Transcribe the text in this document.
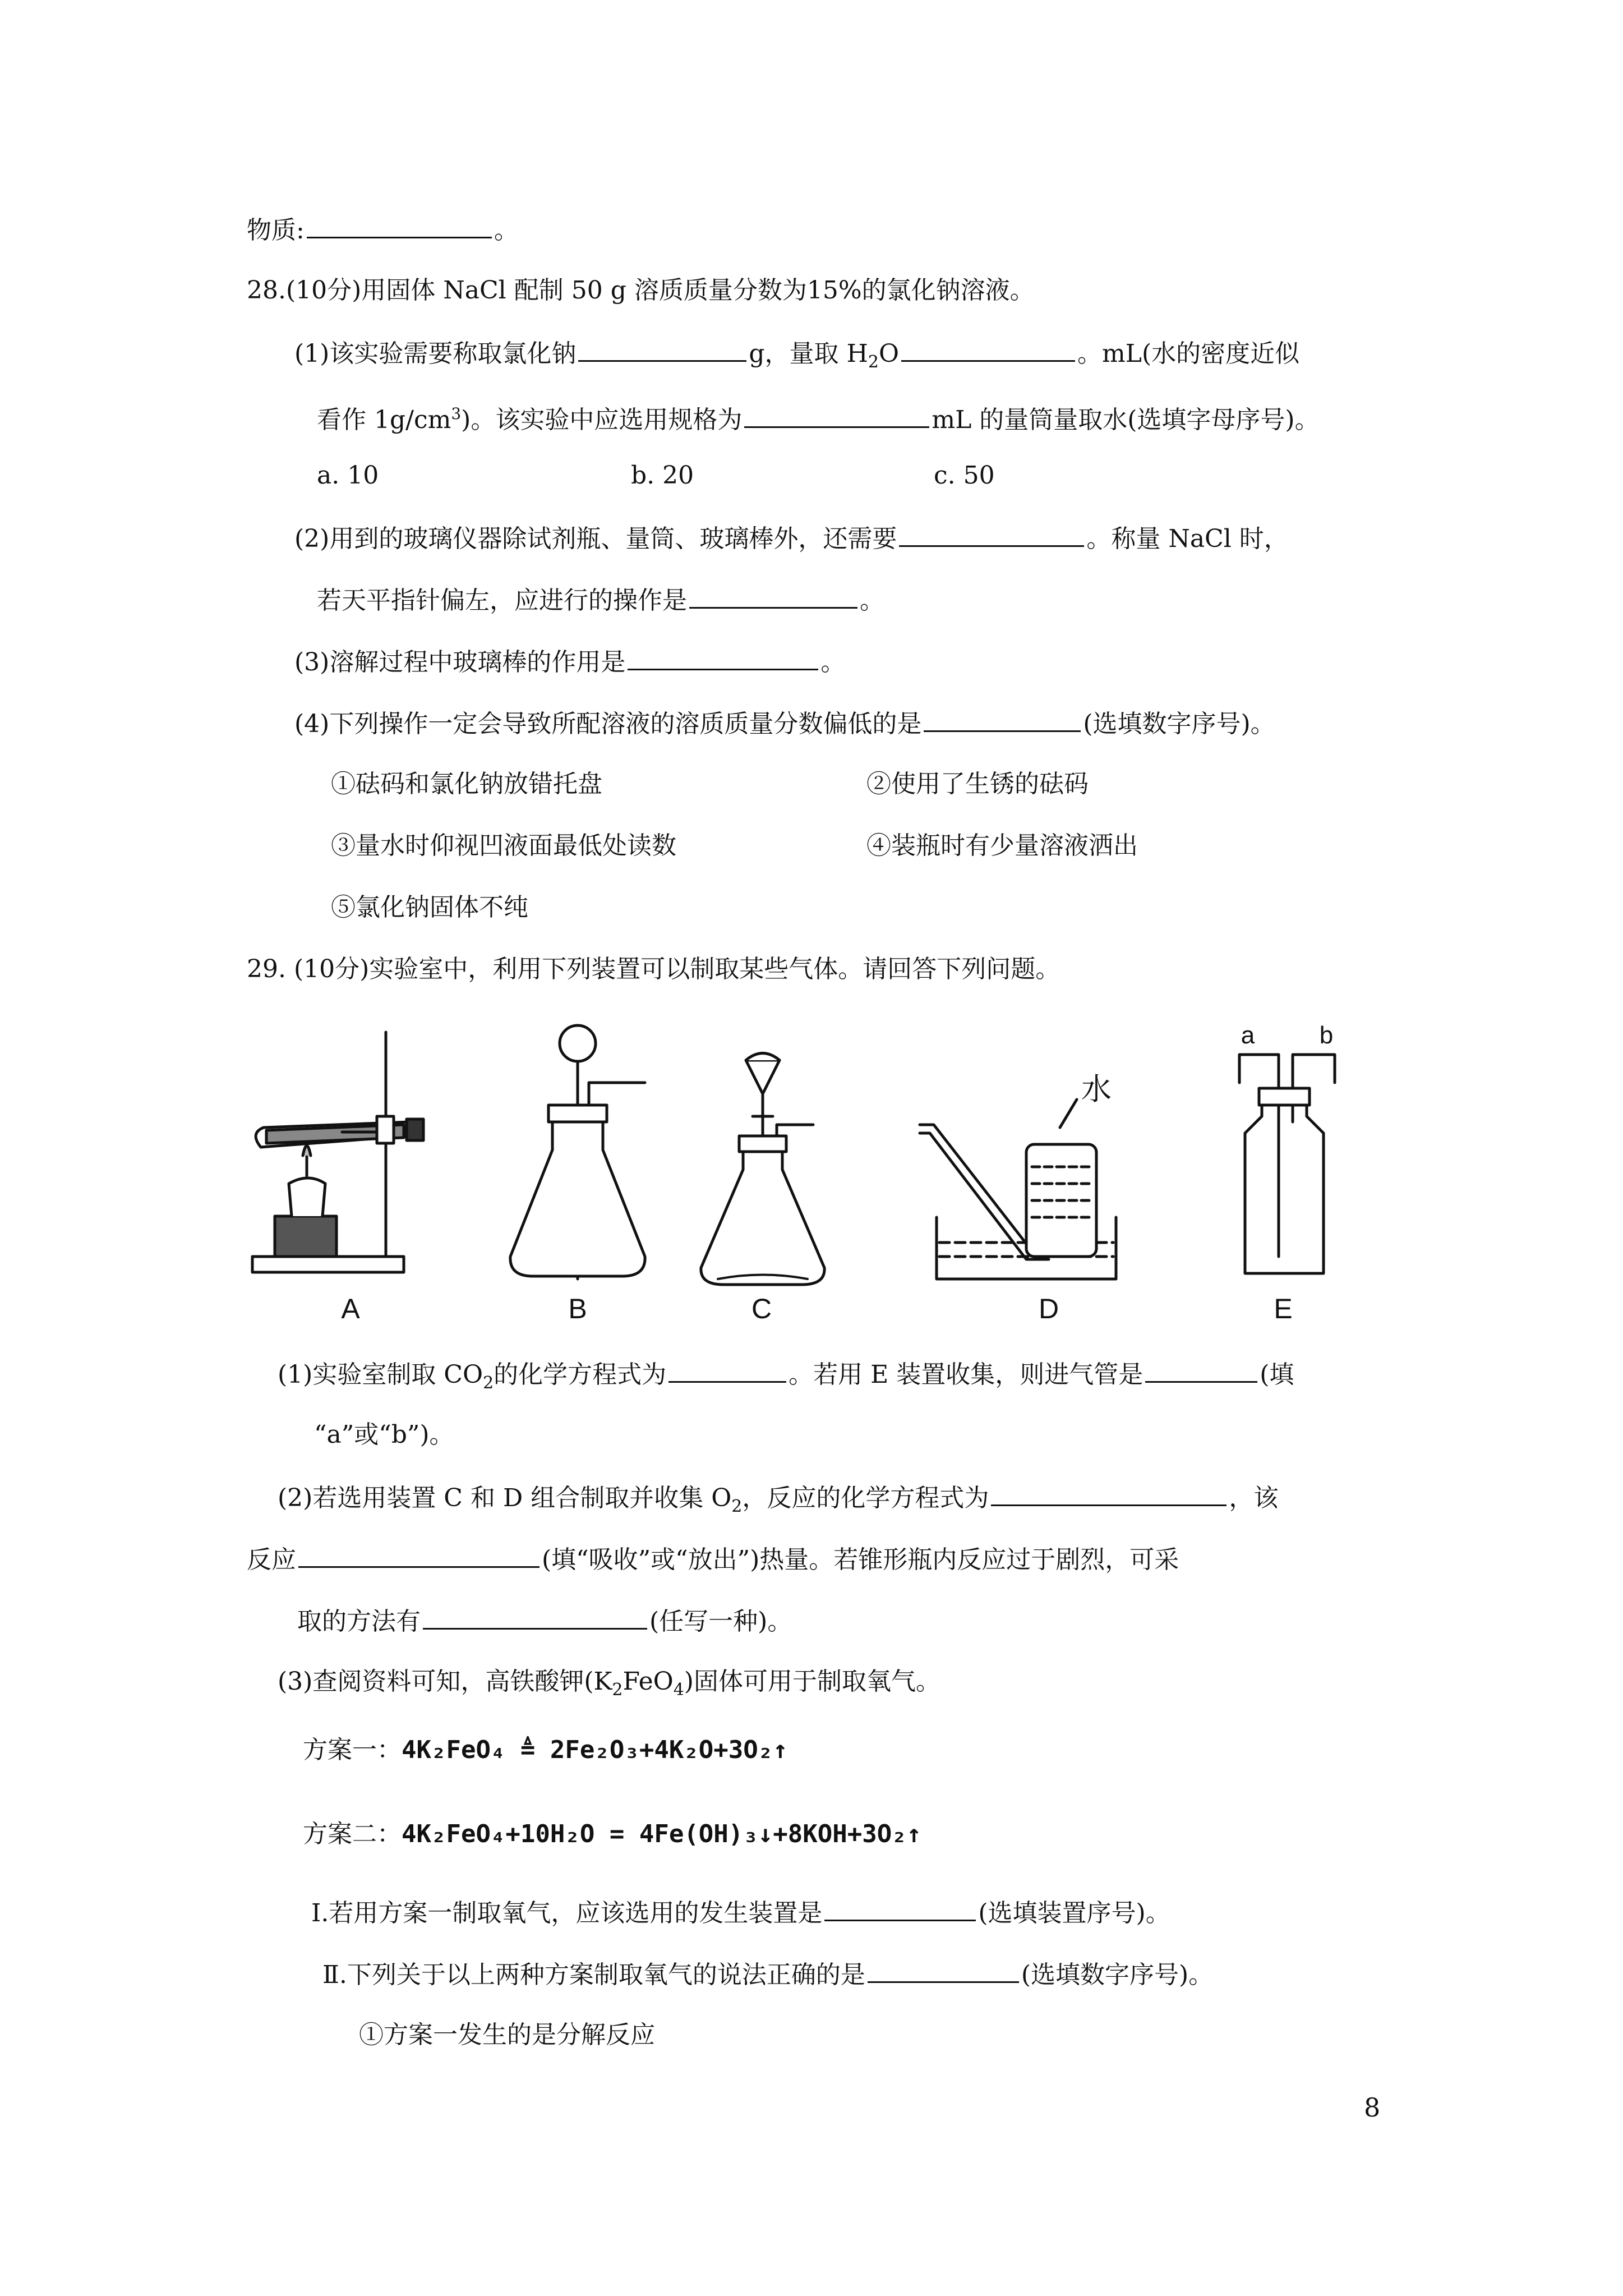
物质:	。
28.(10分)用固体 NaCl 配制 50 g 溶质质量分数为15%的氯化钠溶液。
(1)该实验需要称取氯化钠	g，量取 $H_2O$	。mL(水的密度近似
看作 $1g/cm^3$)。该实验中应选用规格为	mL 的量筒量取水(选填字母序号)。
a. 10	b. 20	c. 50
(2)用到的玻璃仪器除试剂瓶、量筒、玻璃棒外，还需要	。称量 NaCl 时，
若天平指针偏左，应进行的操作是	。
(3)溶解过程中玻璃棒的作用是	。
(4)下列操作一定会导致所配溶液的溶质质量分数偏低的是	(选填数字序号)。
①砝码和氯化钠放错托盘	②使用了生锈的砝码
③量水时仰视凹液面最低处读数	④装瓶时有少量溶液洒出
⑤氯化钠固体不纯
29. (10分)实验室中，利用下列装置可以制取某些气体。请回答下列问题。
A	B	C	D	E
a	b
水
(1)实验室制取 $CO_2$的化学方程式为	。若用 E 装置收集，则进气管是	(填
“a”或“b”)。
(2)若选用装置 C 和 D 组合制取并收集 $O_2$，反应的化学方程式为	，该
反应	(填“吸收”或“放出”)热量。若锥形瓶内反应过于剧烈，可采
取的方法有	(任写一种)。
(3)查阅资料可知，高铁酸钾$(K_2FeO_4)$固体可用于制取氧气。
方案一：4K₂FeO₄ ≜ 2Fe₂O₃+4K₂O+3O₂↑
方案二：4K₂FeO₄+10H₂O = 4Fe(OH)₃↓+8KOH+3O₂↑
Ⅰ.若用方案一制取氧气，应该选用的发生装置是	(选填装置序号)。
Ⅱ.下列关于以上两种方案制取氧气的说法正确的是	(选填数字序号)。
①方案一发生的是分解反应
8
